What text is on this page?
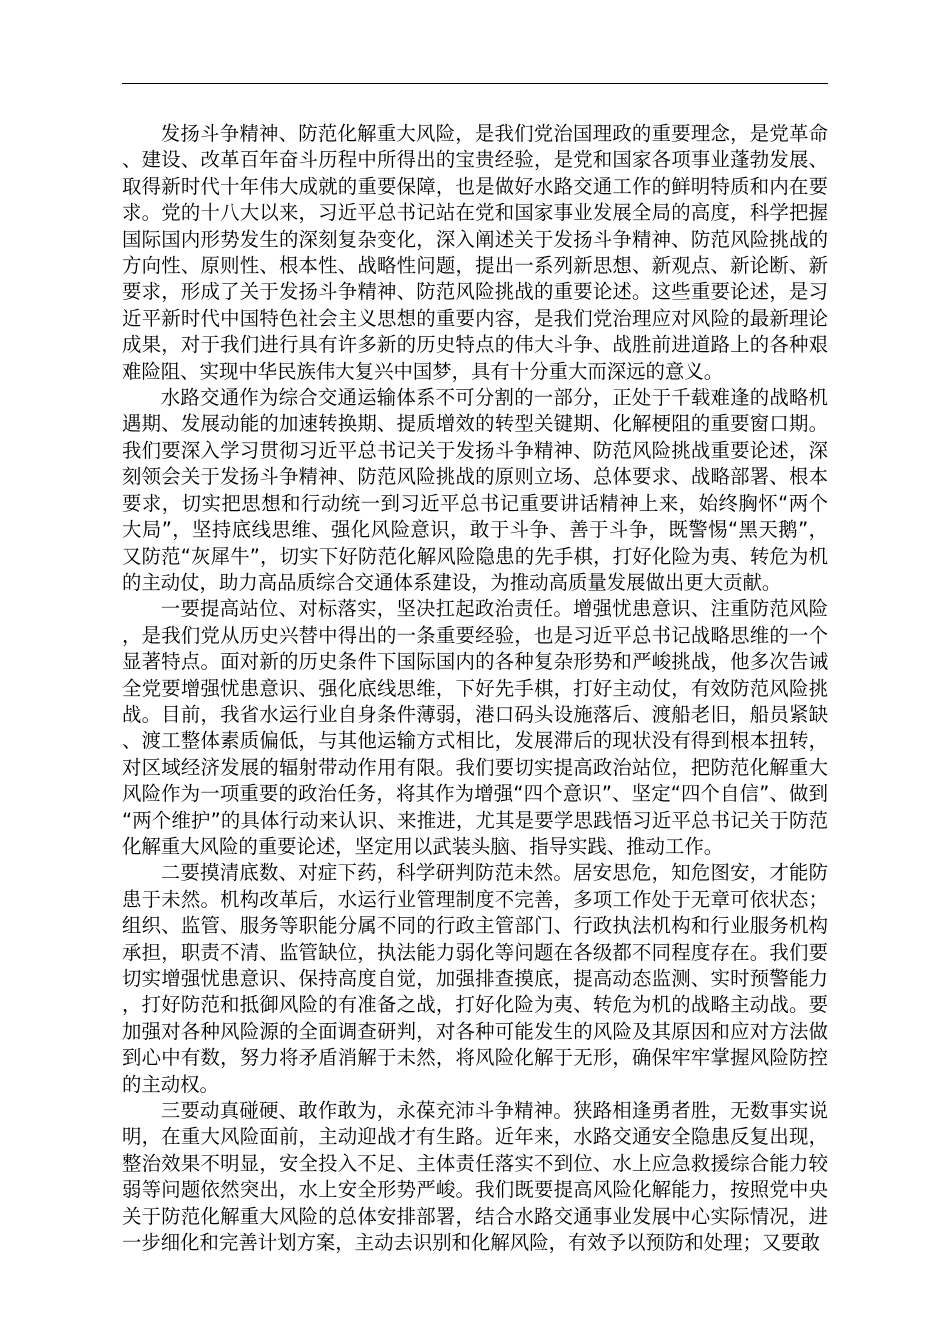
发扬斗争精神、防范化解重大风险，是我们党治国理政的重要理念，是党革命、建设、改革百年奋斗历程中所得出的宝贵经验，是党和国家各项事业蓬勃发展、取得新时代十年伟大成就的重要保障，也是做好水路交通工作的鲜明特质和内在要求。党的十八大以来，习近平总书记站在党和国家事业发展全局的高度，科学把握国际国内形势发生的深刻复杂变化，深入阐述关于发扬斗争精神、防范风险挑战的方向性、原则性、根本性、战略性问题，提出一系列新思想、新观点、新论断、新要求，形成了关于发扬斗争精神、防范风险挑战的重要论述。这些重要论述，是习近平新时代中国特色社会主义思想的重要内容，是我们党治理应对风险的最新理论成果，对于我们进行具有许多新的历史特点的伟大斗争、战胜前进道路上的各种艰难险阻、实现中华民族伟大复兴中国梦，具有十分重大而深远的意义。

水路交通作为综合交通运输体系不可分割的一部分，正处于千载难逢的战略机遇期、发展动能的加速转换期、提质增效的转型关键期、化解梗阻的重要窗口期。我们要深入学习贯彻习近平总书记关于发扬斗争精神、防范风险挑战重要论述，深刻领会关于发扬斗争精神、防范风险挑战的原则立场、总体要求、战略部署、根本要求，切实把思想和行动统一到习近平总书记重要讲话精神上来，始终胸怀“两个大局”，坚持底线思维、强化风险意识，敢于斗争、善于斗争，既警惕“黑天鹅”，又防范“灰犀牛”，切实下好防范化解风险隐患的先手棋，打好化险为夷、转危为机的主动仗，助力高品质综合交通体系建设，为推动高质量发展做出更大贡献。

一要提高站位、对标落实，坚决扛起政治责任。增强忧患意识、注重防范风险，是我们党从历史兴替中得出的一条重要经验，也是习近平总书记战略思维的一个显著特点。面对新的历史条件下国际国内的各种复杂形势和严峻挑战，他多次告诫全党要增强忧患意识、强化底线思维，下好先手棋，打好主动仗，有效防范风险挑战。目前，我省水运行业自身条件薄弱，港口码头设施落后、渡船老旧，船员紧缺、渡工整体素质偏低，与其他运输方式相比，发展滞后的现状没有得到根本扭转，对区域经济发展的辐射带动作用有限。我们要切实提高政治站位，把防范化解重大风险作为一项重要的政治任务，将其作为增强“四个意识”、坚定“四个自信”、做到“两个维护”的具体行动来认识、来推进，尤其是要学思践悟习近平总书记关于防范化解重大风险的重要论述，坚定用以武装头脑、指导实践、推动工作。

二要摸清底数、对症下药，科学研判防范未然。居安思危，知危图安，才能防患于未然。机构改革后，水运行业管理制度不完善，多项工作处于无章可依状态；组织、监管、服务等职能分属不同的行政主管部门、行政执法机构和行业服务机构承担，职责不清、监管缺位，执法能力弱化等问题在各级都不同程度存在。我们要切实增强忧患意识、保持高度自觉，加强排查摸底，提高动态监测、实时预警能力，打好防范和抵御风险的有准备之战，打好化险为夷、转危为机的战略主动战。要加强对各种风险源的全面调查研判，对各种可能发生的风险及其原因和应对方法做到心中有数，努力将矛盾消解于未然，将风险化解于无形，确保牢牢掌握风险防控的主动权。

三要动真碰硬、敢作敢为，永葆充沛斗争精神。狭路相逢勇者胜，无数事实说明，在重大风险面前，主动迎战才有生路。近年来，水路交通安全隐患反复出现，整治效果不明显，安全投入不足、主体责任落实不到位、水上应急救援综合能力较弱等问题依然突出，水上安全形势严峻。我们既要提高风险化解能力，按照党中央关于防范化解重大风险的总体安排部署，结合水路交通事业发展中心实际情况，进一步细化和完善计划方案，主动去识别和化解风险，有效予以预防和处理；又要敢
